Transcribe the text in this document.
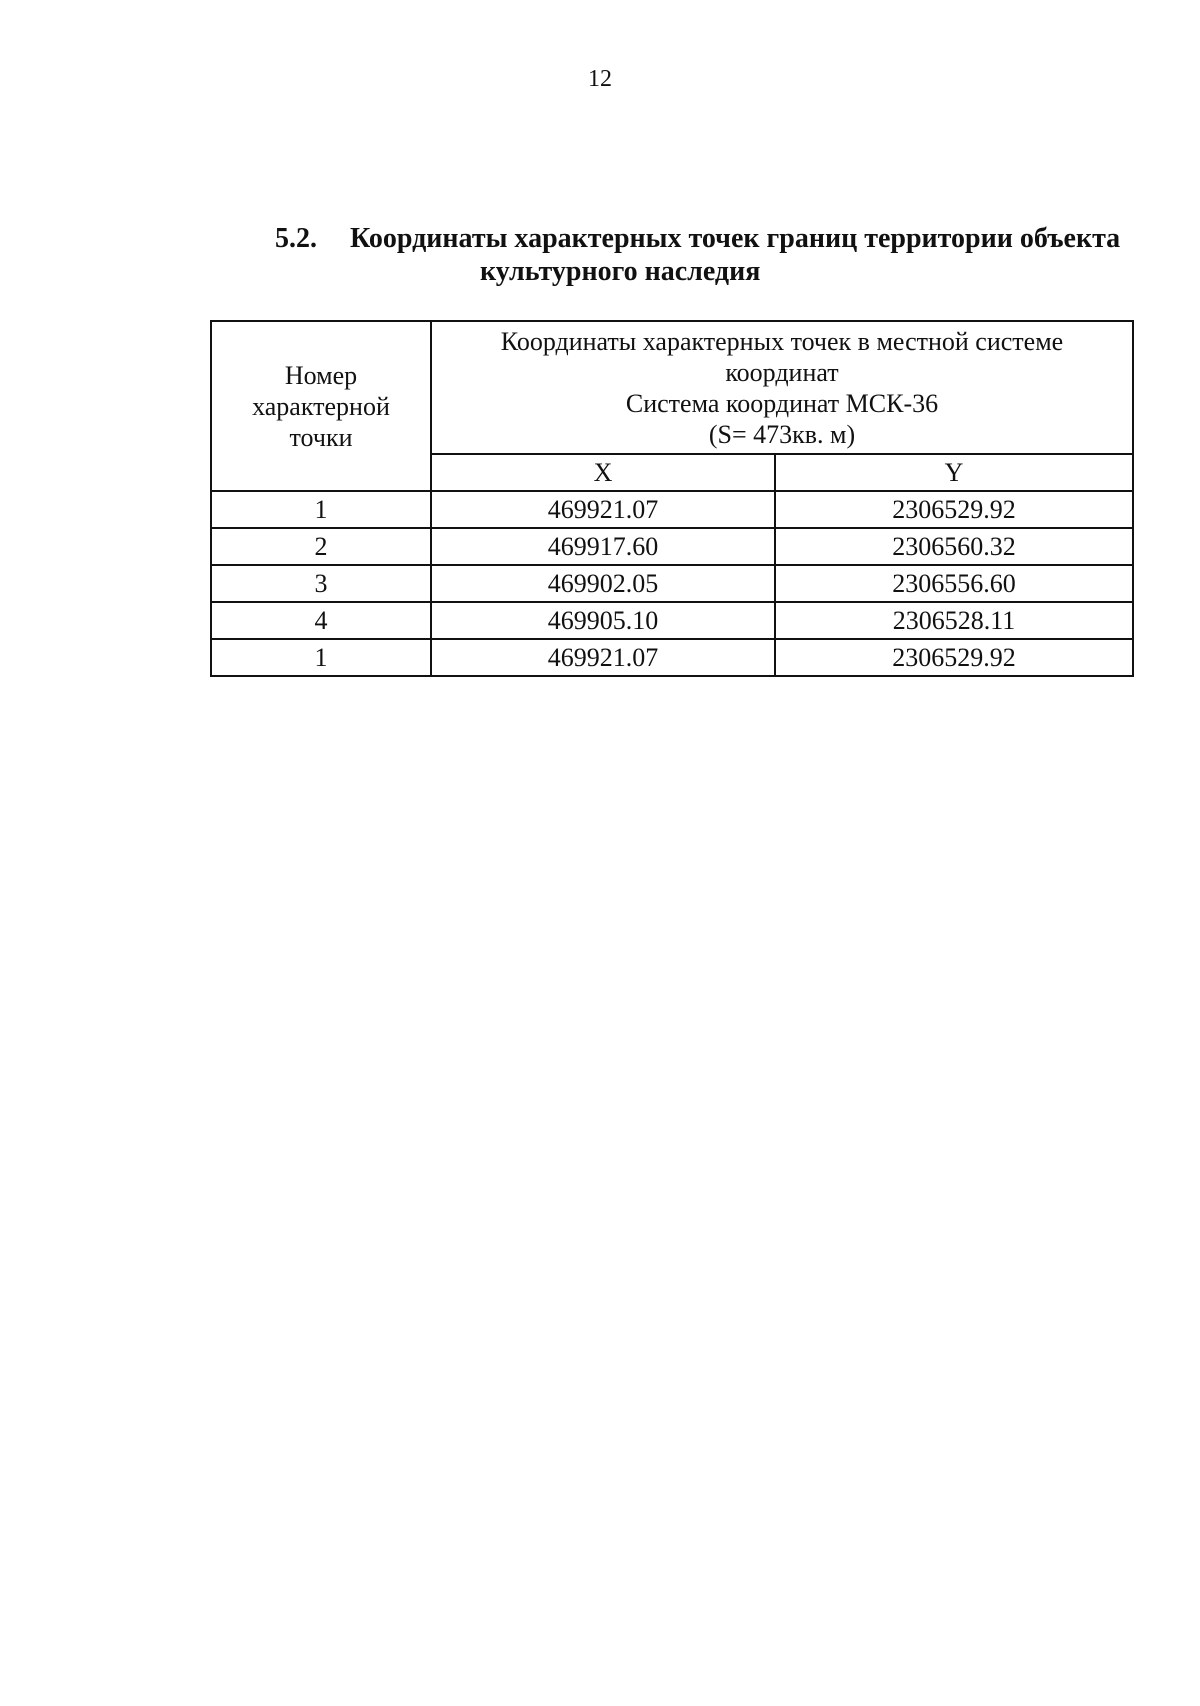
12
5.2.	Координаты характерных точек границ территории объекта
культурного наследия
Номер
характерной
точки	Координаты характерных точек в местной системе
координат
Система координат МСК-36
(S= 473кв. м)	

	X	Y
1	469921.07	2306529.92
2	469917.60	2306560.32
3	469902.05	2306556.60
4	469905.10	2306528.11
1	469921.07	2306529.92
